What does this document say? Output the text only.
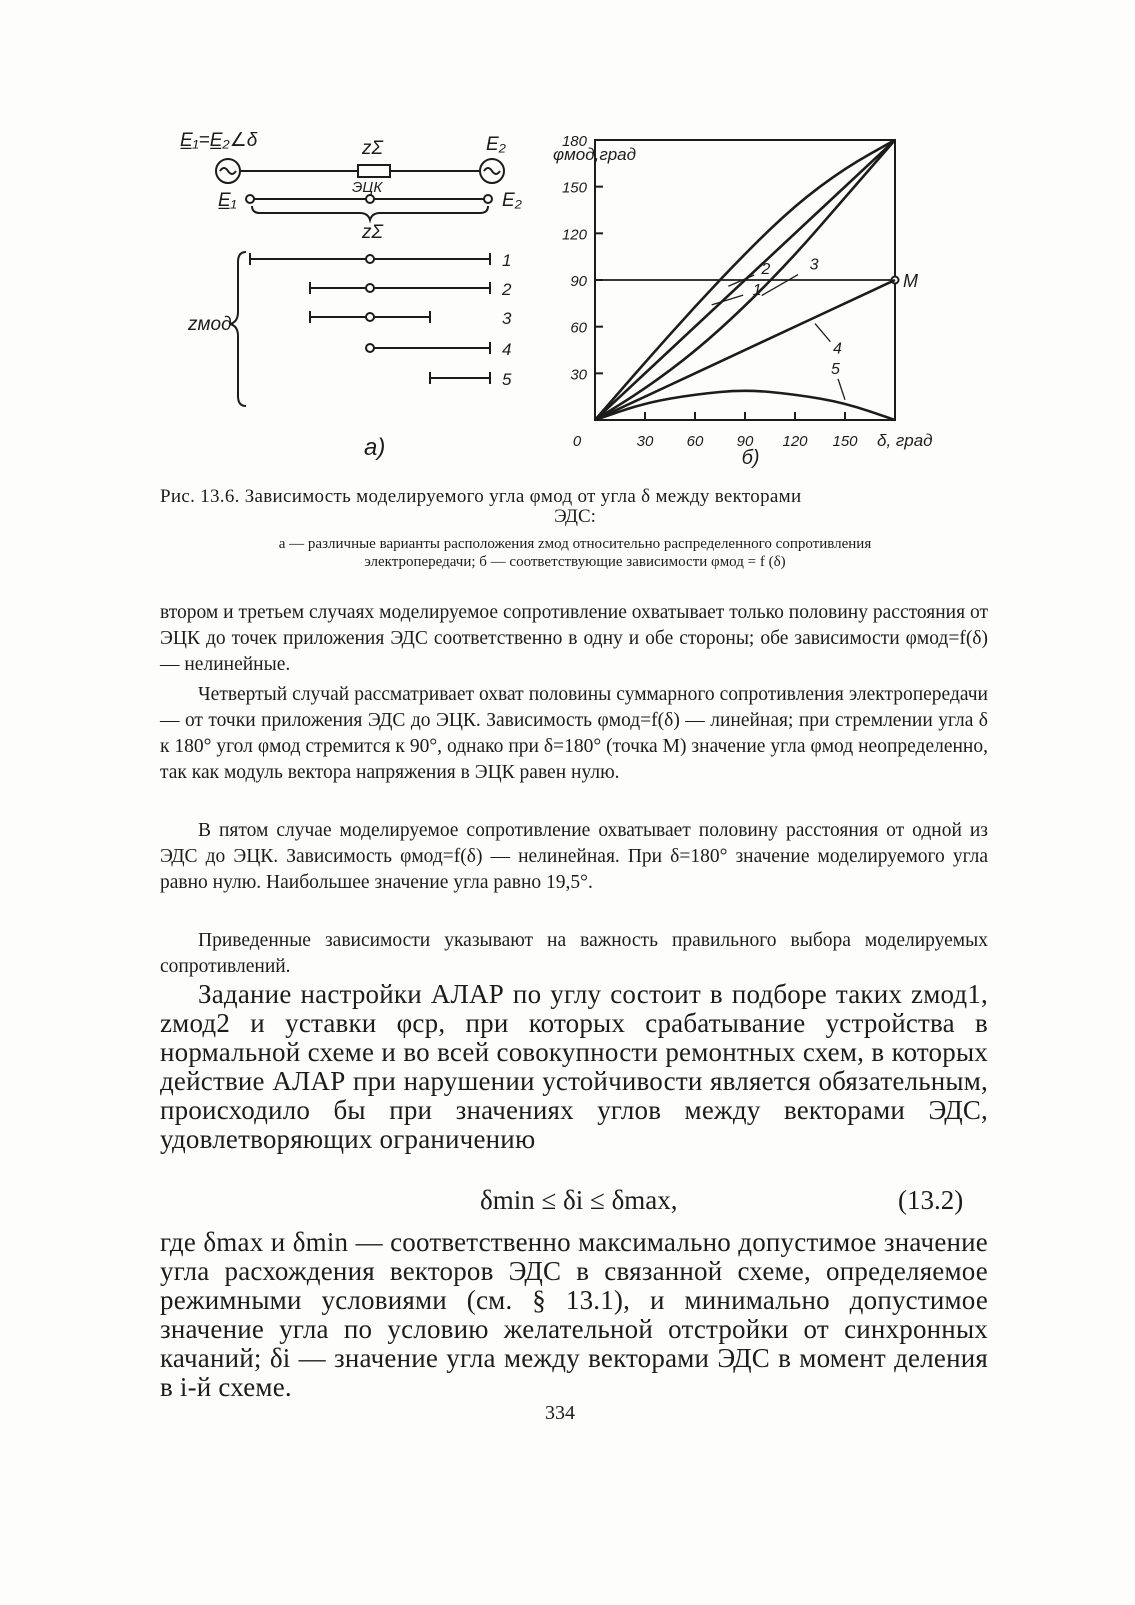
E̲₁=E̲₂∠δ	E₂
zΣ
ЭЦК
E̲₁	E₂
zΣ
zмод
1
2
3
4
5
а)
30
60
90
120
150
180
0	30 60 90 120 150
1
2 3
4
5
M
φмод,град
δ, град
б)
Рис. 13.6. Зависимость моделируемого угла φмод от угла δ между векторами
ЭДС:
а — различные варианты расположения zмод относительно распределенного сопротивления
электропередачи; б — соответствующие зависимости φмод = f (δ)
втором и третьем случаях моделируемое сопротивление охватывает только половину расстояния от ЭЦК до точек приложения ЭДС соответственно в одну и обе стороны; обе зависимости φмод=f(δ) — нелинейные.
Четвертый случай рассматривает охват половины суммарного сопротивления электропередачи — от точки приложения ЭДС до ЭЦК. Зависимость φмод=f(δ) — линейная; при стремлении угла δ к 180° угол φмод стремится к 90°, однако при δ=180° (точка M) значение угла φмод неопределенно, так как модуль вектора напряжения в ЭЦК равен нулю.
В пятом случае моделируемое сопротивление охватывает половину расстояния от одной из ЭДС до ЭЦК. Зависимость φмод=f(δ) — нелинейная. При δ=180° значение моделируемого угла равно нулю. Наибольшее значение угла равно 19,5°.
Приведенные зависимости указывают на важность правильного выбора моделируемых сопротивлений.
Задание настройки АЛАР по углу состоит в подборе таких zмод1, zмод2 и уставки φср, при которых срабатывание устройства в нормальной схеме и во всей совокупности ремонтных схем, в которых действие АЛАР при нарушении устойчивости является обязательным, происходило бы при значениях углов между векторами ЭДС, удовлетворяющих ограничению
δmin ≤ δi ≤ δmax,	(13.2)
где δmax и δmin — соответственно максимально допустимое значение угла расхождения векторов ЭДС в связанной схеме, определяемое режимными условиями (см. § 13.1), и минимально допустимое значение угла по условию желательной отстройки от синхронных качаний; δi — значение угла между векторами ЭДС в момент деления в i-й схеме.
334
